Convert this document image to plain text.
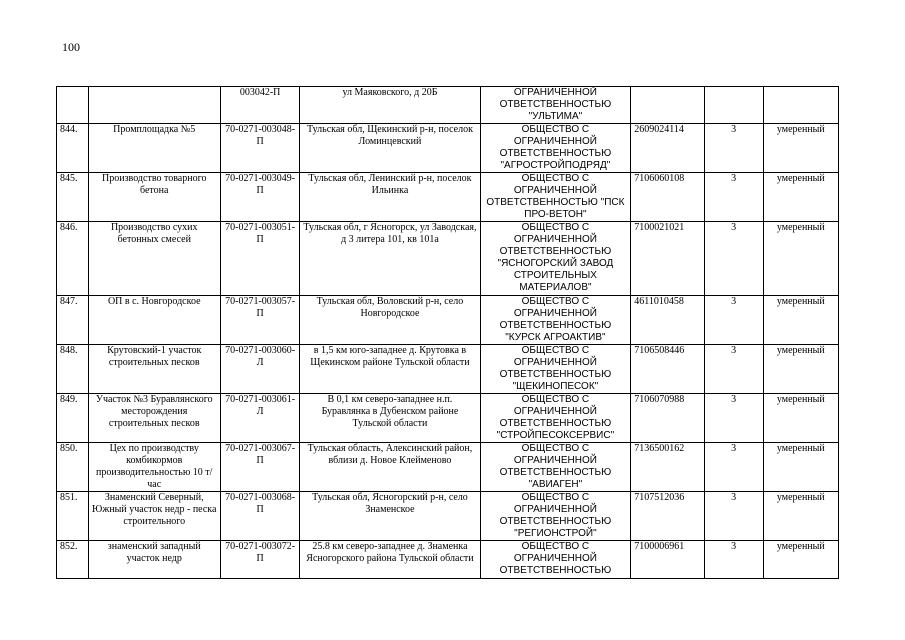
100
		003042-П	ул Маяковского, д 20Б	ОГРАНИЧЕННОЙ ОТВЕТСТВЕННОСТЬЮ "УЛЬТИМА"			
844.	Промплощадка №5	70-0271-003048-П	Тульская обл, Щекинский р-н, поселок Ломинцевский	ОБЩЕСТВО С ОГРАНИЧЕННОЙ ОТВЕТСТВЕННОСТЬЮ "АГРОСТРОЙПОДРЯД"	2609024114	3	умеренный
845.	Производство товарного бетона	70-0271-003049-П	Тульская обл, Ленинский р-н, поселок Ильинка	ОБЩЕСТВО С ОГРАНИЧЕННОЙ ОТВЕТСТВЕННОСТЬЮ "ПСК ПРО-ВЕТОН"	7106060108	3	умеренный
846.	Производство сухих бетонных смесей	70-0271-003051-П	Тульская обл, г Ясногорск, ул Заводская, д 3 литера 101, кв 101а	ОБЩЕСТВО С ОГРАНИЧЕННОЙ ОТВЕТСТВЕННОСТЬЮ "ЯСНОГОРСКИЙ ЗАВОД СТРОИТЕЛЬНЫХ МАТЕРИАЛОВ"	7100021021	3	умеренный
847.	ОП в с. Новгородское	70-0271-003057-П	Тульская обл, Воловский р-н, село Новгородское	ОБЩЕСТВО С ОГРАНИЧЕННОЙ ОТВЕТСТВЕННОСТЬЮ "КУРСК АГРОАКТИВ"	4611010458	3	умеренный
848.	Крутовский-1 участок строительных песков	70-0271-003060-Л	в 1,5 км юго-западнее д. Крутовка в Щекинском районе Тульской области	ОБЩЕСТВО С ОГРАНИЧЕННОЙ ОТВЕТСТВЕННОСТЬЮ "ЩЕКИНОПЕСОК"	7106508446	3	умеренный
849.	Участок №3 Буравлянского месторождения строительных песков	70-0271-003061-Л	В 0,1 км северо-западнее н.п. Буравлянка в Дубенском районе Тульской области	ОБЩЕСТВО С ОГРАНИЧЕННОЙ ОТВЕТСТВЕННОСТЬЮ "СТРОЙПЕСОКСЕРВИС"	7106070988	3	умеренный
850.	Цех по производству комбикормов производительностью 10 т/час	70-0271-003067-П	Тульская область, Алексинский район, вблизи д. Новое Клейменово	ОБЩЕСТВО С ОГРАНИЧЕННОЙ ОТВЕТСТВЕННОСТЬЮ "АВИАГЕН"	7136500162	3	умеренный
851.	Знаменский Северный, Южный участок недр - песка строительного	70-0271-003068-П	Тульская обл, Ясногорский р-н, село Знаменское	ОБЩЕСТВО С ОГРАНИЧЕННОЙ ОТВЕТСТВЕННОСТЬЮ "РЕГИОНСТРОЙ"	7107512036	3	умеренный
852.	знаменский западный участок недр	70-0271-003072-П	25.8 км северо-западнее д. Знаменка Ясногорского района Тульской области	ОБЩЕСТВО С ОГРАНИЧЕННОЙ ОТВЕТСТВЕННОСТЬЮ	7100006961	3	умеренный
